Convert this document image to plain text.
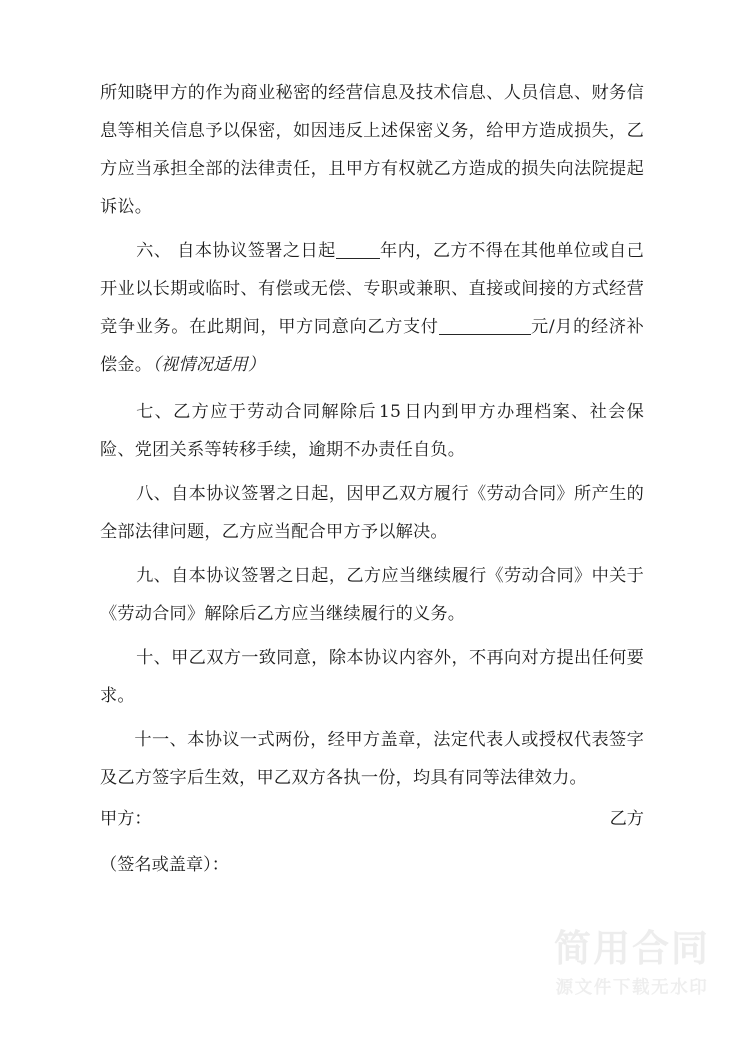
所知晓甲方的作为商业秘密的经营信息及技术信息、人员信息、财务信息等相关信息予以保密，如因违反上述保密义务，给甲方造成损失，乙方应当承担全部的法律责任，且甲方有权就乙方造成的损失向法院提起诉讼。

六、 自本协议签署之日起	年内，乙方不得在其他单位或自己开业以长期或临时、有偿或无偿、专职或兼职、直接或间接的方式经营竞争业务。在此期间，甲方同意向乙方支付	元/月的经济补偿金。（视情况适用）

七、乙方应于劳动合同解除后 15 日内到甲方办理档案、社会保险、党团关系等转移手续，逾期不办责任自负。

八、自本协议签署之日起，因甲乙双方履行《劳动合同》所产生的全部法律问题，乙方应当配合甲方予以解决。

九、自本协议签署之日起，乙方应当继续履行《劳动合同》中关于《劳动合同》解除后乙方应当继续履行的义务。

十、甲乙双方一致同意，除本协议内容外，不再向对方提出任何要求。

十一、本协议一式两份，经甲方盖章，法定代表人或授权代表签字及乙方签字后生效，甲乙双方各执一份，均具有同等法律效力。

甲方：	乙方
（签名或盖章）：
简用合同
源文件下载无水印
